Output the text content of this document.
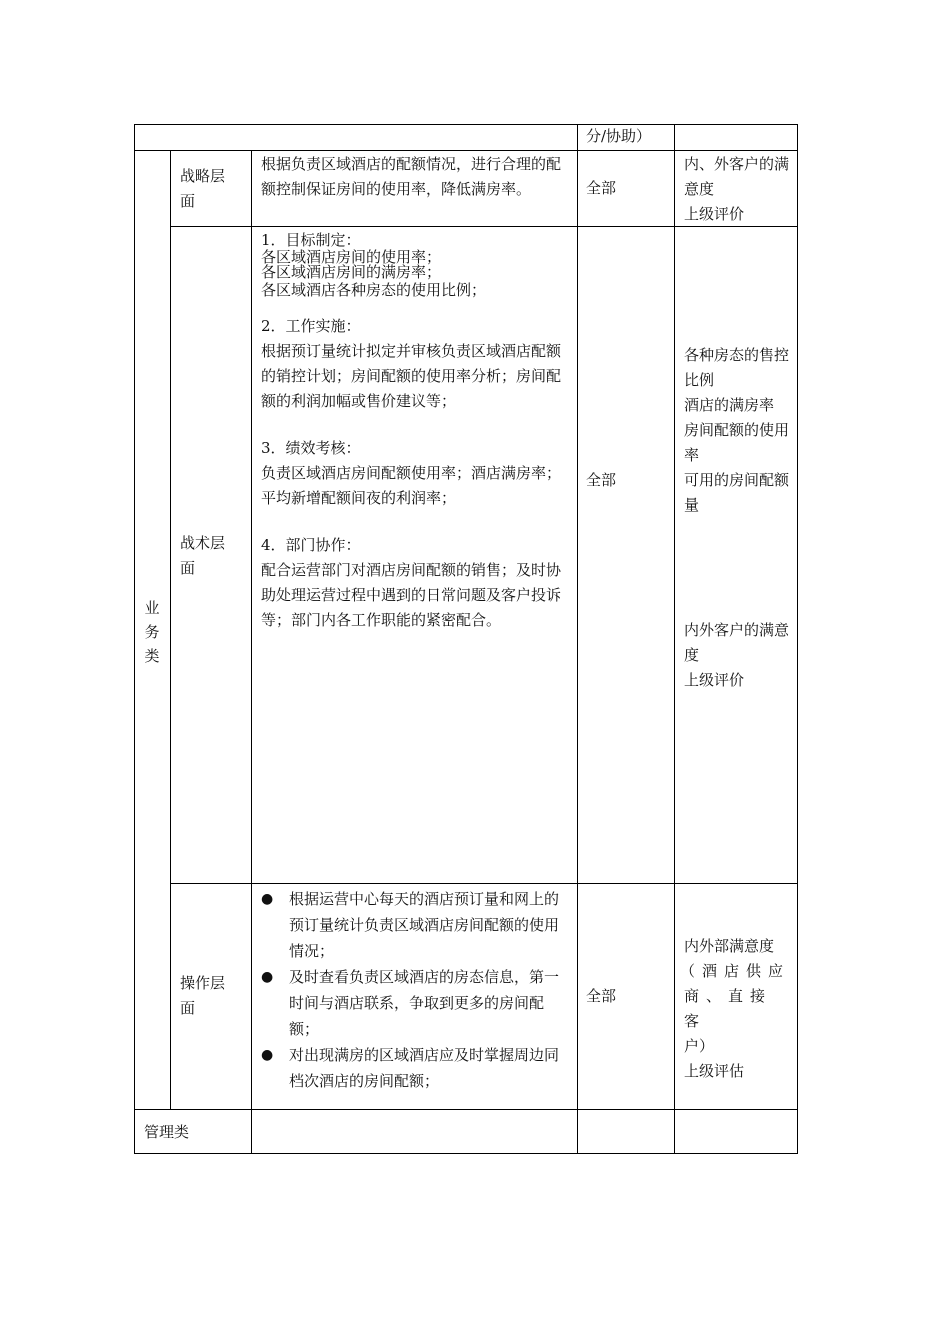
分/协助）
业务类
战略层面
根据负责区域酒店的配额情况，进行合理的配额控制保证房间的使用率，降低满房率。	全部
内、外客户的满意度
上级评价
战术层面
1．目标制定：
各区域酒店房间的使用率；
各区域酒店房间的满房率；
各区域酒店各种房态的使用比例；
2．工作实施：
根据预订量统计拟定并审核负责区域酒店配额的销控计划；房间配额的使用率分析；房间配额的利润加幅或售价建议等；
3．绩效考核：
负责区域酒店房间配额使用率；酒店满房率；平均新增配额间夜的利润率；
4．部门协作：
配合运营部门对酒店房间配额的销售；及时协助处理运营过程中遇到的日常问题及客户投诉等；部门内各工作职能的紧密配合。
全部
各种房态的售控比例
酒店的满房率
房间配额的使用率
可用的房间配额量
内外客户的满意度
上级评价
操作层面
● 根据运营中心每天的酒店预订量和网上的预订量统计负责区域酒店房间配额的使用情况；
● 及时查看负责区域酒店的房态信息，第一时间与酒店联系，争取到更多的房间配额；
● 对出现满房的区域酒店应及时掌握周边同档次酒店的房间配额；
全部
内外部满意度
（酒店供应
商、直接客
户）
上级评估
管理类
